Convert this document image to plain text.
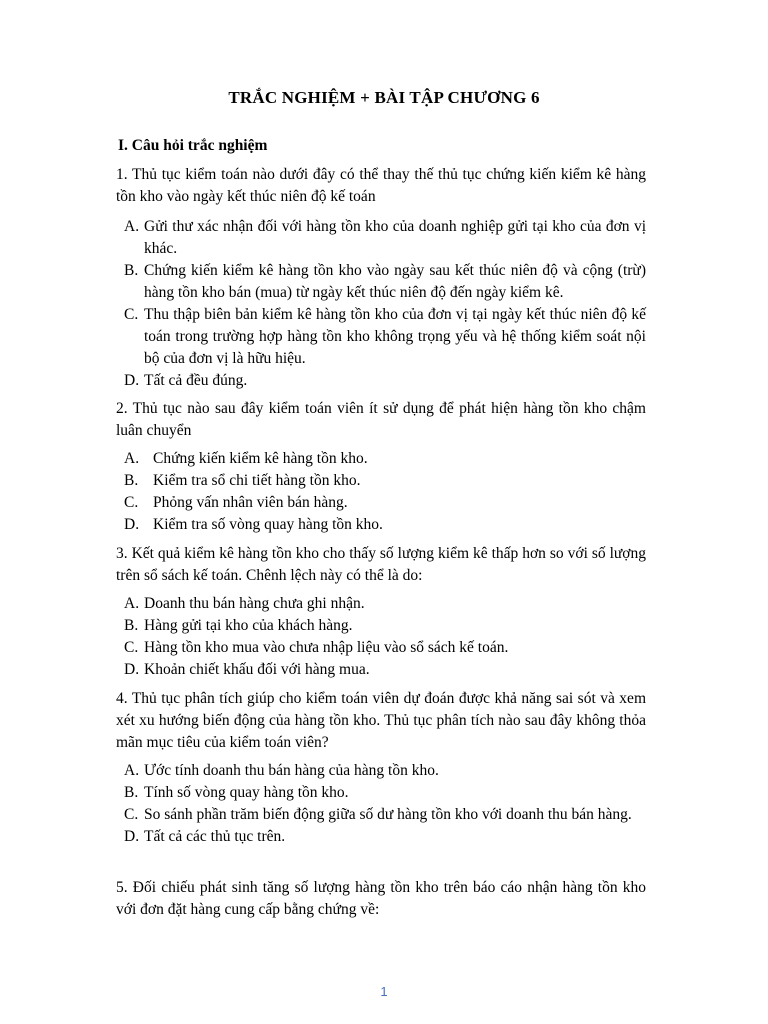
TRẮC NGHIỆM + BÀI TẬP CHƯƠNG 6
I. Câu hỏi trắc nghiệm
1. Thủ tục kiểm toán nào dưới đây có thể thay thế thủ tục chứng kiến kiểm kê hàng tồn kho vào ngày kết thúc niên độ kế toán
A. Gửi thư xác nhận đối với hàng tồn kho của doanh nghiệp gửi tại kho của đơn vị khác.
B. Chứng kiến kiểm kê hàng tồn kho vào ngày sau kết thúc niên độ và cộng (trừ) hàng tồn kho bán (mua) từ ngày kết thúc niên độ đến ngày kiểm kê.
C. Thu thập biên bản kiểm kê hàng tồn kho của đơn vị tại ngày kết thúc niên độ kế toán trong trường hợp hàng tồn kho không trọng yếu và hệ thống kiểm soát nội bộ của đơn vị là hữu hiệu.
D. Tất cả đều đúng.
2. Thủ tục nào sau đây kiểm toán viên ít sử dụng để phát hiện hàng tồn kho chậm luân chuyển
A. Chứng kiến kiểm kê hàng tồn kho.
B. Kiểm tra sổ chi tiết hàng tồn kho.
C. Phỏng vấn nhân viên bán hàng.
D. Kiểm tra số vòng quay hàng tồn kho.
3. Kết quả kiểm kê hàng tồn kho cho thấy số lượng kiểm kê thấp hơn so với số lượng trên sổ sách kế toán. Chênh lệch này có thể là do:
A. Doanh thu bán hàng chưa ghi nhận.
B. Hàng gửi tại kho của khách hàng.
C. Hàng tồn kho mua vào chưa nhập liệu vào sổ sách kế toán.
D. Khoản chiết khấu đối với hàng mua.
4. Thủ tục phân tích giúp cho kiểm toán viên dự đoán được khả năng sai sót và xem xét xu hướng biến động của hàng tồn kho. Thủ tục phân tích nào sau đây không thỏa mãn mục tiêu của kiểm toán viên?
A. Ước tính doanh thu bán hàng của hàng tồn kho.
B. Tính số vòng quay hàng tồn kho.
C. So sánh phần trăm biến động giữa số dư hàng tồn kho với doanh thu bán hàng.
D. Tất cả các thủ tục trên.
5. Đối chiếu phát sinh tăng số lượng hàng tồn kho trên báo cáo nhận hàng tồn kho với đơn đặt hàng cung cấp bằng chứng về:
1
